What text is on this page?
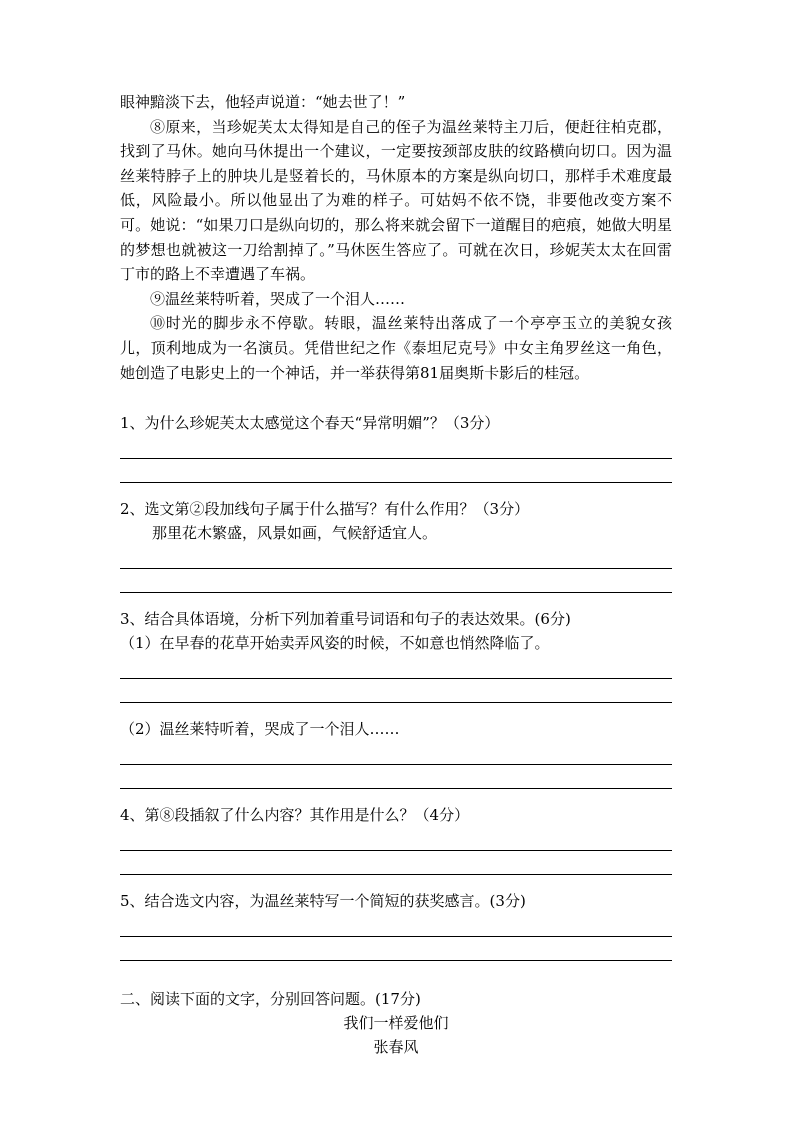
眼神黯淡下去，他轻声说道：“她去世了！”

⑧原来，当珍妮芙太太得知是自己的侄子为温丝莱特主刀后，便赶往柏克郡，找到了马休。她向马休提出一个建议，一定要按颈部皮肤的纹路横向切口。因为温丝莱特脖子上的肿块儿是竖着长的，马休原本的方案是纵向切口，那样手术难度最低，风险最小。所以他显出了为难的样子。可姑妈不依不饶，非要他改变方案不可。她说：“如果刀口是纵向切的，那么将来就会留下一道醒目的疤痕，她做大明星的梦想也就被这一刀给割掉了。”马休医生答应了。可就在次日，珍妮芙太太在回雷丁市的路上不幸遭遇了车祸。

⑨温丝莱特听着，哭成了一个泪人……

⑩时光的脚步永不停歇。转眼，温丝莱特出落成了一个亭亭玉立的美貌女孩儿，顶利地成为一名演员。凭借世纪之作《泰坦尼克号》中女主角罗丝这一角色，她创造了电影史上的一个神话，并一举获得第81届奥斯卡影后的桂冠。

1、为什么珍妮芙太太感觉这个春天“异常明媚”？（3分）

2、选文第②段加线句子属于什么描写？有什么作用？（3分）

那里花木繁盛，风景如画，气候舒适宜人。

3、结合具体语境，分析下列加着重号词语和句子的表达效果。(6分)

（1）在早春的花草开始卖弄风姿的时候，不如意也悄然降临了。

（2）温丝莱特听着，哭成了一个泪人……

4、第⑧段插叙了什么内容？其作用是什么？（4分）

5、结合选文内容，为温丝莱特写一个简短的获奖感言。(3分)

二、阅读下面的文字，分别回答问题。(17分)

我们一样爱他们

张春风
